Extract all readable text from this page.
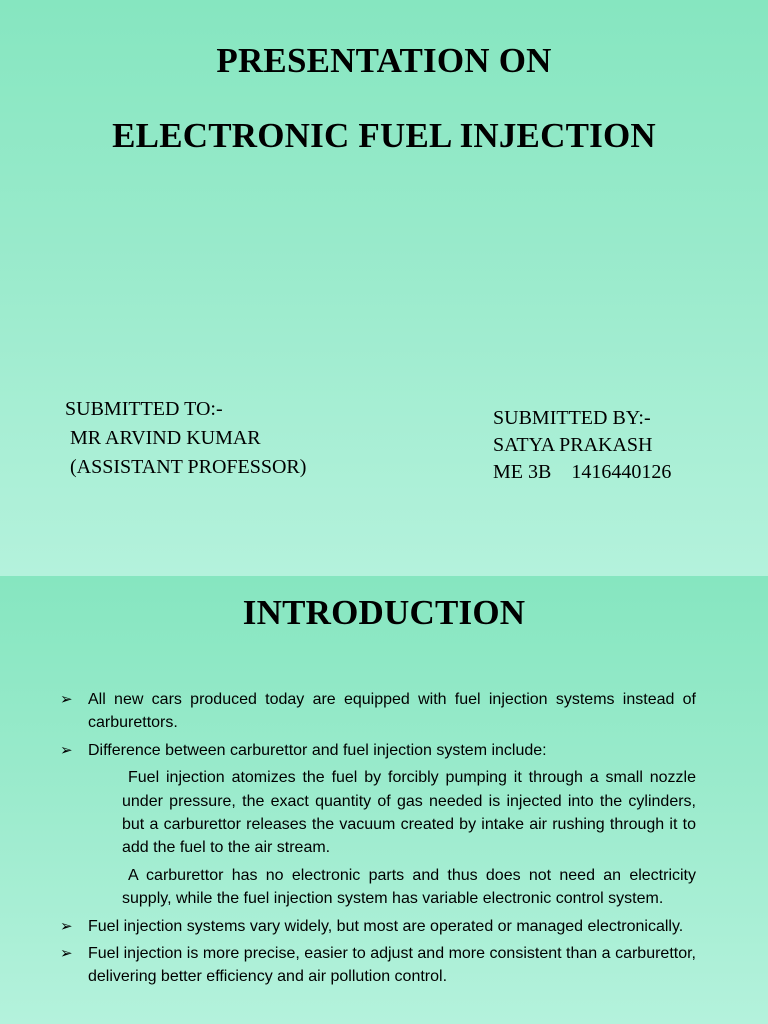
PRESENTATION ON
ELECTRONIC FUEL INJECTION
SUBMITTED TO:-
MR ARVIND KUMAR
(ASSISTANT PROFESSOR)
SUBMITTED BY:-
SATYA PRAKASH
ME 3B    1416440126
INTRODUCTION
➢ All new cars produced today are equipped with fuel injection systems instead of carburettors.
➢ Difference between carburettor and fuel injection system include:
Fuel injection atomizes the fuel by forcibly pumping it through a small nozzle under pressure, the exact quantity of gas needed is injected into the cylinders, but a carburettor releases the vacuum created by intake air rushing through it to add the fuel to the air stream.
A carburettor has no electronic parts and thus does not need an electricity supply, while the fuel injection system has variable electronic control system.
➢ Fuel injection systems vary widely, but most are operated or managed electronically.
➢ Fuel injection is more precise, easier to adjust and more consistent than a carburettor, delivering better efficiency and air pollution control.
